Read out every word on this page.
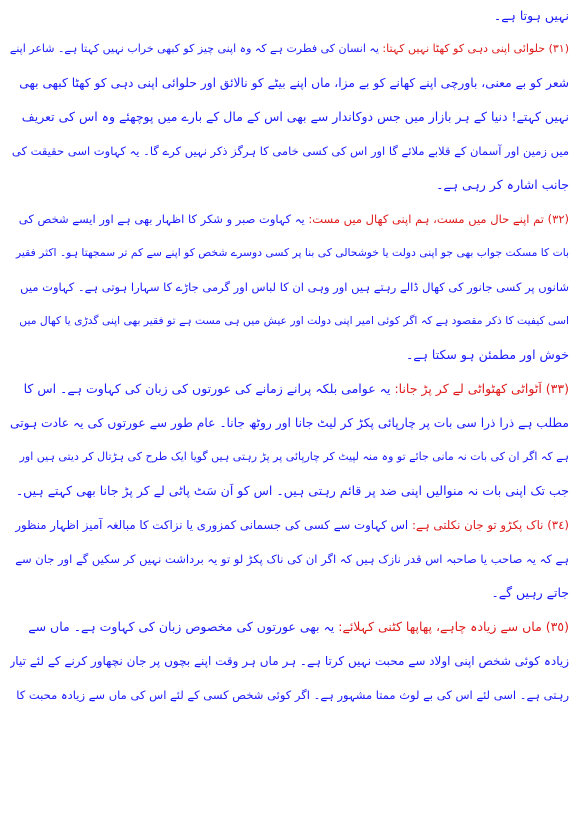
نہیں ہوتا ہے۔
(٣١) حلوائی اپنی دہی کو کھٹا نہیں کہتا: یہ انسان کی فطرت ہے کہ وہ اپنی چیز کو کبھی خراب نہیں کہتا ہے۔ شاعر اپنے
شعر کو بے معنی، باورچی اپنے کھانے کو بے مزا، ماں اپنے بیٹے کو نالائق اور حلوائی اپنی دہی کو کھٹا کبھی بھی
نہیں کہتے! دنیا کے ہر بازار میں جس دوکاندار سے بھی اس کے مال کے بارے میں پوچھئے وہ اس کی تعریف
میں زمین اور آسمان کے قلابے ملائے گا اور اس کی کسی خامی کا ہرگز ذکر نہیں کرے گا۔ یہ کہاوت اسی حقیقت کی
جانب اشارہ کر رہی ہے۔
(٣٢) تم اپنے حال میں مست، ہم اپنی کھال میں مست: یہ کہاوت صبر و شکر کا اظہار بھی ہے اور ایسے شخص کی
بات کا مسکت جواب بھی جو اپنی دولت یا خوشحالی کی بنا پر کسی دوسرے شخص کو اپنے سے کم تر سمجھتا ہو۔ اکثر فقیر
شانوں پر کسی جانور کی کھال ڈالے رہتے ہیں اور وہی ان کا لباس اور گرمی جاڑے کا سہارا ہوتی ہے۔ کہاوت میں
اسی کیفیت کا ذکر مقصود ہے کہ اگر کوئی امیر اپنی دولت اور عیش میں ہی مست ہے تو فقیر بھی اپنی گدڑی یا کھال میں
خوش اور مطمئن ہو سکتا ہے۔
(٣٣) اَٹواٹی کھٹواٹی لے کر پڑ جانا: یہ عوامی بلکہ پرانے زمانے کی عورتوں کی زبان کی کہاوت ہے۔ اس کا
مطلب ہے ذرا ذرا سی بات پر چارپائی پکڑ کر لیٹ جانا اور روٹھ جانا۔ عام طور سے عورتوں کی یہ عادت ہوتی
ہے کہ اگر ان کی بات نہ مانی جائے تو وہ منہ لپیٹ کر چارپائی پر پڑ رہتی ہیں گویا ایک طرح کی ہڑتال کر دیتی ہیں اور
جب تک اپنی بات نہ منوالیں اپنی ضد پر قائم رہتی ہیں۔ اس کو اَن سَٹ پاٹی لے کر پڑ جانا بھی کہتے ہیں۔
(٣٤) ناک پکڑو تو جان نکلتی ہے: اس کہاوت سے کسی کی جسمانی کمزوری یا نزاکت کا مبالغہ آمیز اظہار منظور
ہے کہ یہ صاحب یا صاحبہ اس قدر نازک ہیں کہ اگر ان کی ناک پکڑ لو تو یہ برداشت نہیں کر سکیں گے اور جان سے
جاتے رہیں گے۔
(٣٥) ماں سے زیادہ چاہے، پھاپھا کٹنی کہلائے: یہ بھی عورتوں کی مخصوص زبان کی کہاوت ہے۔ ماں سے
زیادہ کوئی شخص اپنی اولاد سے محبت نہیں کرتا ہے۔ ہر ماں ہر وقت اپنے بچوں پر جان نچھاور کرنے کے لئے تیار
رہتی ہے۔ اسی لئے اس کی بے لوث ممتا مشہور ہے۔ اگر کوئی شخص کسی کے لئے اس کی ماں سے زیادہ محبت کا
